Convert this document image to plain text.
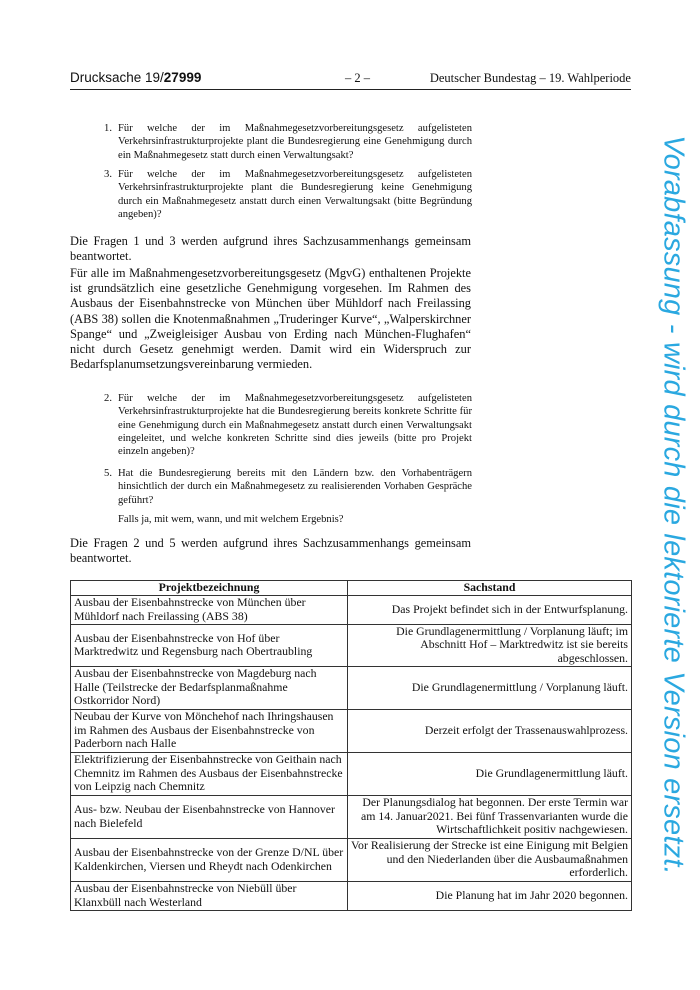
Drucksache 19/27999	– 2 –	Deutscher Bundestag – 19. Wahlperiode
1. Für welche der im Maßnahmegesetzvorbereitungsgesetz aufgelisteten Verkehrsinfrastrukturprojekte plant die Bundesregierung eine Genehmigung durch ein Maßnahmegesetz statt durch einen Verwaltungsakt?

3. Für welche der im Maßnahmegesetzvorbereitungsgesetz aufgelisteten Verkehrsinfrastrukturprojekte plant die Bundesregierung keine Genehmigung durch ein Maßnahmegesetz anstatt durch einen Verwaltungsakt (bitte Begründung angeben)?

Die Fragen 1 und 3 werden aufgrund ihres Sachzusammenhangs gemeinsam beantwortet.

Für alle im Maßnahmengesetzvorbereitungsgesetz (MgvG) enthaltenen Projekte ist grundsätzlich eine gesetzliche Genehmigung vorgesehen. Im Rahmen des Ausbaus der Eisenbahnstrecke von München über Mühldorf nach Freilassing (ABS 38) sollen die Knotenmaßnahmen „Truderinger Kurve“, „Walperskirchner Spange“ und „Zweigleisiger Ausbau von Erding nach München-Flughafen“ nicht durch Gesetz genehmigt werden. Damit wird ein Widerspruch zur Bedarfsplanumsetzungsvereinbarung vermieden.

2. Für welche der im Maßnahmegesetzvorbereitungsgesetz aufgelisteten Verkehrsinfrastrukturprojekte hat die Bundesregierung bereits konkrete Schritte für eine Genehmigung durch ein Maßnahmegesetz anstatt durch einen Verwaltungsakt eingeleitet, und welche konkreten Schritte sind dies jeweils (bitte pro Projekt einzeln angeben)?

5. Hat die Bundesregierung bereits mit den Ländern bzw. den Vorhabenträgern hinsichtlich der durch ein Maßnahmegesetz zu realisierenden Vorhaben Gespräche geführt?

Falls ja, mit wem, wann, und mit welchem Ergebnis?

Die Fragen 2 und 5 werden aufgrund ihres Sachzusammenhangs gemeinsam beantwortet.

Projektbezeichnung	Sachstand
Ausbau der Eisenbahnstrecke von München über Mühldorf nach Freilassing (ABS 38)	Das Projekt befindet sich in der Entwurfsplanung.
Ausbau der Eisenbahnstrecke von Hof über Marktredwitz und Regensburg nach Obertraubling	Die Grundlagenermittlung / Vorplanung läuft; im Abschnitt Hof – Marktredwitz ist sie bereits abgeschlossen.
Ausbau der Eisenbahnstrecke von Magdeburg nach Halle (Teilstrecke der Bedarfsplanmaßnahme Ostkorridor Nord)	Die Grundlagenermittlung / Vorplanung läuft.
Neubau der Kurve von Mönchehof nach Ihringshausen im Rahmen des Ausbaus der Eisenbahnstrecke von Paderborn nach Halle	Derzeit erfolgt der Trassenauswahlprozess.
Elektrifizierung der Eisenbahnstrecke von Geithain nach Chemnitz im Rahmen des Ausbaus der Eisenbahnstrecke von Leipzig nach Chemnitz	Die Grundlagenermittlung läuft.
Aus- bzw. Neubau der Eisenbahnstrecke von Hannover nach Bielefeld	Der Planungsdialog hat begonnen. Der erste Termin war am 14. Januar2021. Bei fünf Trassenvarianten wurde die Wirtschaftlichkeit positiv nachgewiesen.
Ausbau der Eisenbahnstrecke von der Grenze D/NL über Kaldenkirchen, Viersen und Rheydt nach Odenkirchen	Vor Realisierung der Strecke ist eine Einigung mit Belgien und den Niederlanden über die Ausbaumaßnahmen erforderlich.
Ausbau der Eisenbahnstrecke von Niebüll über Klanxbüll nach Westerland	Die Planung hat im Jahr 2020 begonnen.
Vorabfassung - wird durch die lektorierte Version ersetzt.
